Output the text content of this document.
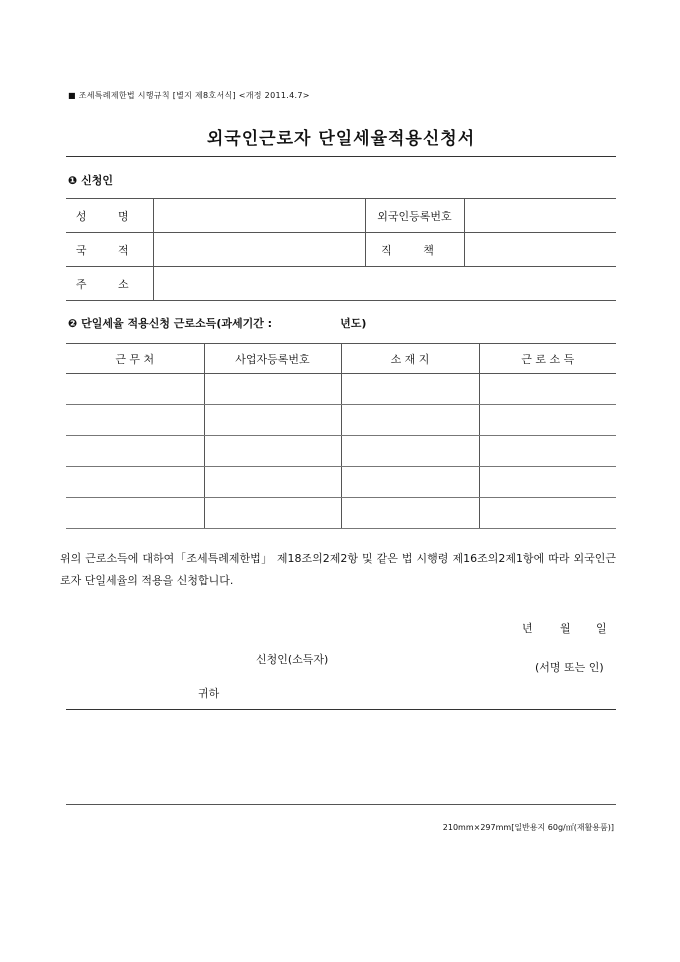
■ 조세특례제한법 시행규칙 [별지 제8호서식] <개정 2011.4.7>
외국인근로자 단일세율적용신청서
❶ 신청인
성 명		외국인등록번호	
국 적		직 책	
주 소			
❷ 단일세율 적용신청 근로소득(과세기간 :	년도)
근 무 처	사업자등록번호	소 재 지	근 로 소 득

위의 근로소득에 대하여「조세특례제한법」 제18조의2제2항 및 같은 법 시행령 제16조의2제1항에 따라 외국인근로자 단일세율의 적용을 신청합니다.
년 월 일
신청인(소득자)
(서명 또는 인)
귀하
210mm×297mm[일반용지 60g/㎡(재활용품)]
